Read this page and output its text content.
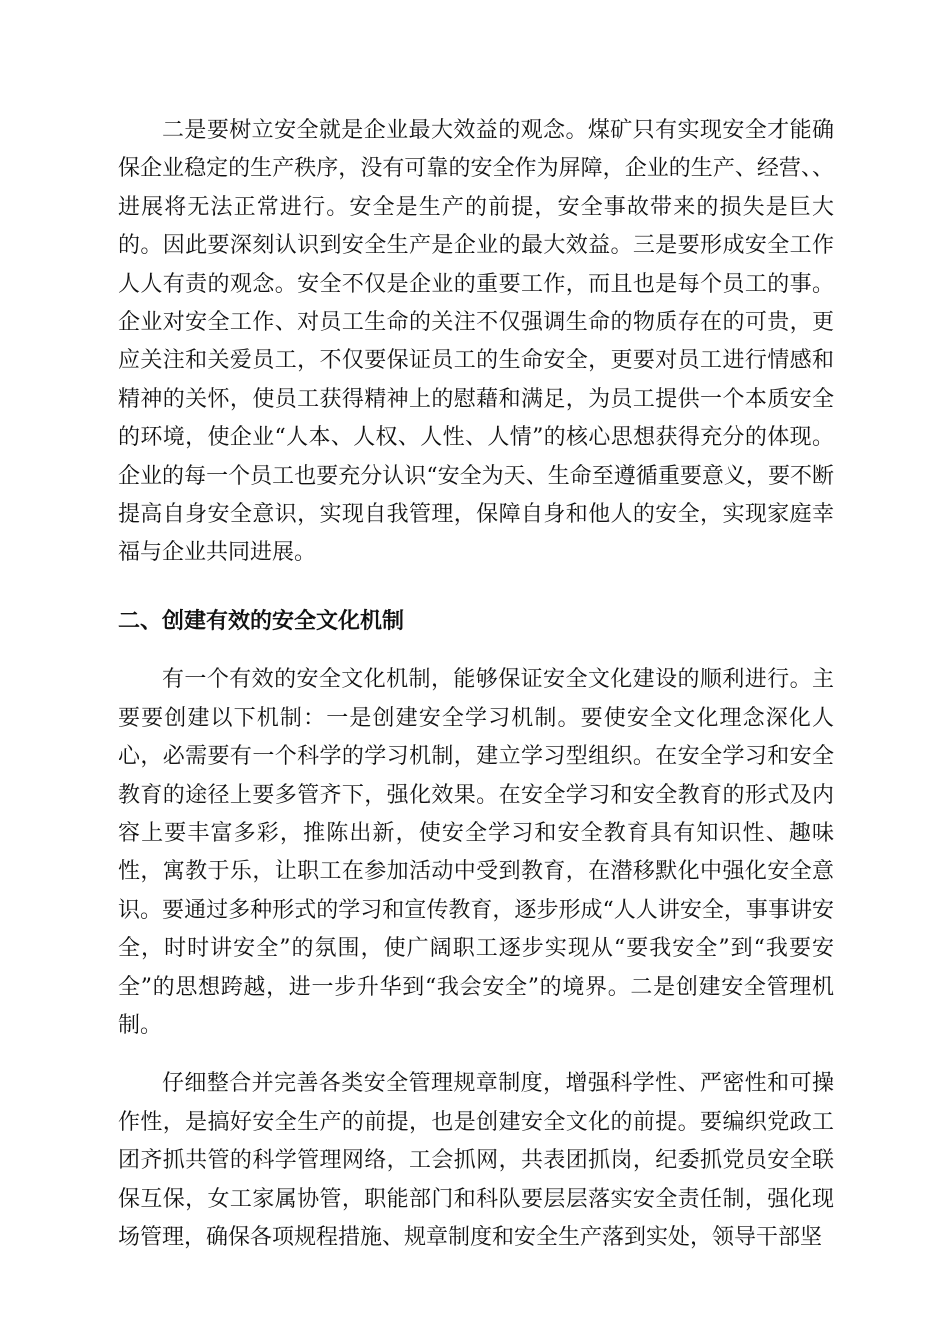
二是要树立安全就是企业最大效益的观念。煤矿只有实现安全才能确保企业稳定的生产秩序，没有可靠的安全作为屏障，企业的生产、经营、、进展将无法正常进行。安全是生产的前提，安全事故带来的损失是巨大的。因此要深刻认识到安全生产是企业的最大效益。三是要形成安全工作人人有责的观念。安全不仅是企业的重要工作，而且也是每个员工的事。企业对安全工作、对员工生命的关注不仅强调生命的物质存在的可贵，更应关注和关爱员工，不仅要保证员工的生命安全，更要对员工进行情感和精神的关怀，使员工获得精神上的慰藉和满足，为员工提供一个本质安全的环境，使企业“人本、人权、人性、人情”的核心思想获得充分的体现。企业的每一个员工也要充分认识“安全为天、生命至遵循重要意义，要不断提高自身安全意识，实现自我管理，保障自身和他人的安全，实现家庭幸福与企业共同进展。

二、创建有效的安全文化机制

有一个有效的安全文化机制，能够保证安全文化建设的顺利进行。主要要创建以下机制：一是创建安全学习机制。要使安全文化理念深化人心，必需要有一个科学的学习机制，建立学习型组织。在安全学习和安全教育的途径上要多管齐下，强化效果。在安全学习和安全教育的形式及内容上要丰富多彩，推陈出新，使安全学习和安全教育具有知识性、趣味性，寓教于乐，让职工在参加活动中受到教育，在潜移默化中强化安全意识。要通过多种形式的学习和宣传教育，逐步形成“人人讲安全，事事讲安全，时时讲安全”的氛围，使广阔职工逐步实现从“要我安全”到“我要安全”的思想跨越，进一步升华到“我会安全”的境界。二是创建安全管理机制。

仔细整合并完善各类安全管理规章制度，增强科学性、严密性和可操作性，是搞好安全生产的前提，也是创建安全文化的前提。要编织党政工团齐抓共管的科学管理网络，工会抓网，共表团抓岗，纪委抓党员安全联保互保，女工家属协管，职能部门和科队要层层落实安全责任制，强化现场管理，确保各项规程措施、规章制度和安全生产落到实处，领导干部坚
